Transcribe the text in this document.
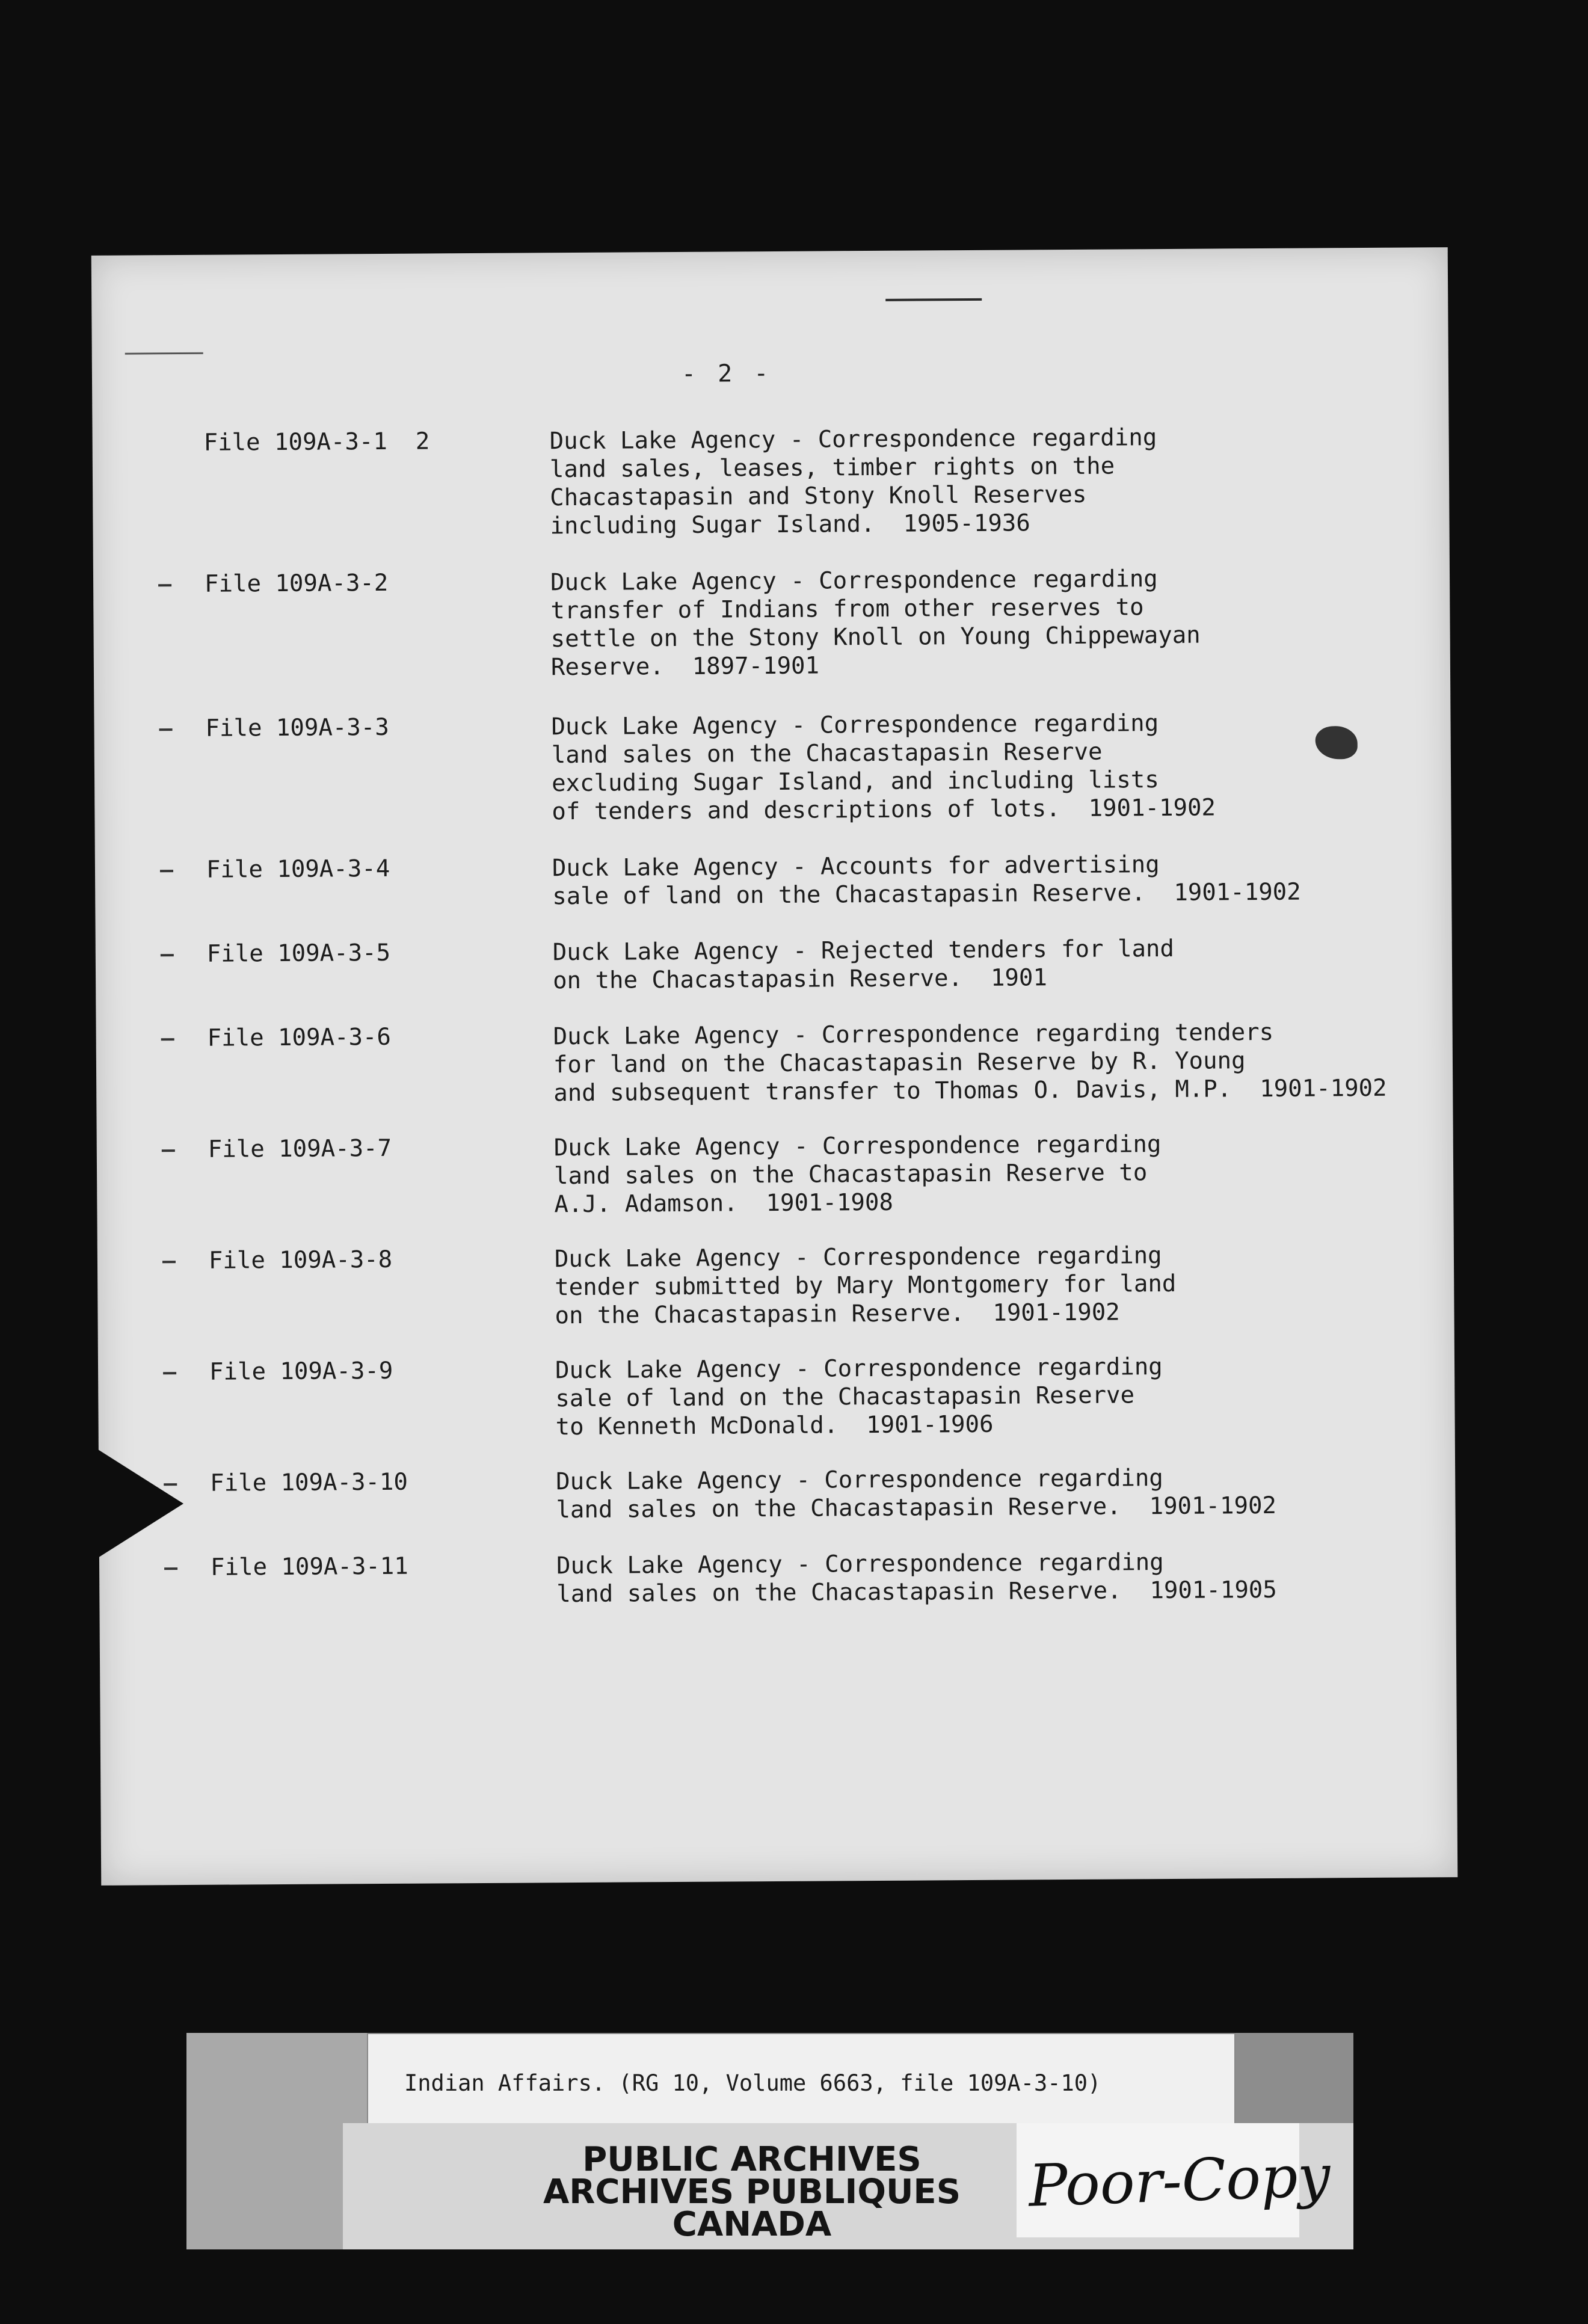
- 2 -
File 109A-3-1  2	Duck Lake Agency - Correspondence regarding
land sales, leases, timber rights on the
Chacastapasin and Stony Knoll Reserves
including Sugar Island.  1905-1936
File 109A-3-2	Duck Lake Agency - Correspondence regarding
transfer of Indians from other reserves to
settle on the Stony Knoll on Young Chippewayan
Reserve.  1897-1901
File 109A-3-3	Duck Lake Agency - Correspondence regarding
land sales on the Chacastapasin Reserve
excluding Sugar Island, and including lists
of tenders and descriptions of lots.  1901-1902
File 109A-3-4	Duck Lake Agency - Accounts for advertising
sale of land on the Chacastapasin Reserve.  1901-1902
File 109A-3-5	Duck Lake Agency - Rejected tenders for land
on the Chacastapasin Reserve.  1901
File 109A-3-6	Duck Lake Agency - Correspondence regarding tenders
for land on the Chacastapasin Reserve by R. Young
and subsequent transfer to Thomas O. Davis, M.P.  1901-1902
File 109A-3-7	Duck Lake Agency - Correspondence regarding
land sales on the Chacastapasin Reserve to
A.J. Adamson.  1901-1908
File 109A-3-8	Duck Lake Agency - Correspondence regarding
tender submitted by Mary Montgomery for land
on the Chacastapasin Reserve.  1901-1902
File 109A-3-9	Duck Lake Agency - Correspondence regarding
sale of land on the Chacastapasin Reserve
to Kenneth McDonald.  1901-1906
File 109A-3-10	Duck Lake Agency - Correspondence regarding
land sales on the Chacastapasin Reserve.  1901-1902
File 109A-3-11	Duck Lake Agency - Correspondence regarding
land sales on the Chacastapasin Reserve.  1901-1905
Indian Affairs. (RG 10, Volume 6663, file 109A-3-10)
PUBLIC ARCHIVES
ARCHIVES PUBLIQUES
CANADA
Poor-Copy
